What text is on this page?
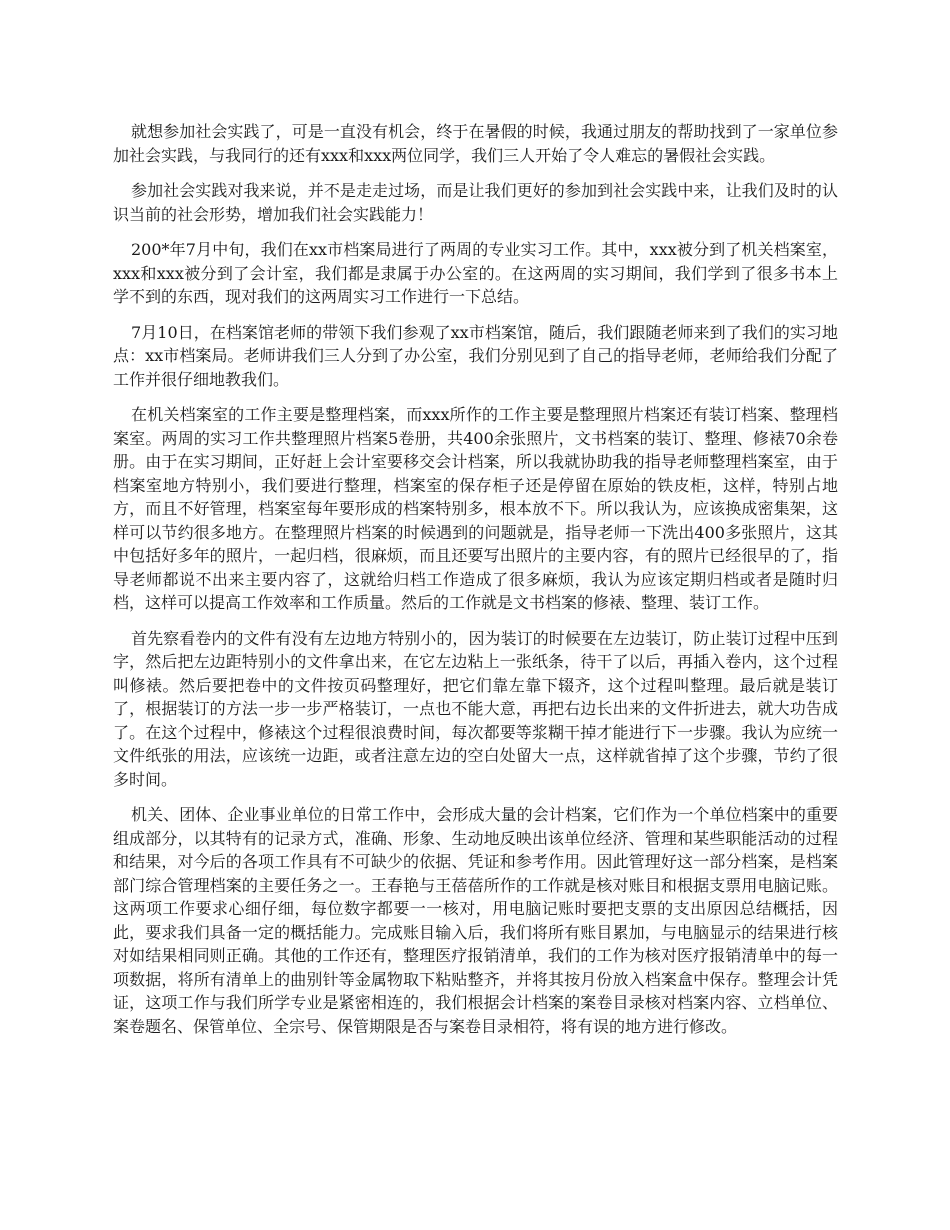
就想参加社会实践了，可是一直没有机会，终于在暑假的时候，我通过朋友的帮助找到了一家单位参加社会实践，与我同行的还有xxx和xxx两位同学，我们三人开始了令人难忘的暑假社会实践。

参加社会实践对我来说，并不是走走过场，而是让我们更好的参加到社会实践中来，让我们及时的认识当前的社会形势，增加我们社会实践能力！

200*年7月中旬，我们在xx市档案局进行了两周的专业实习工作。其中，xxx被分到了机关档案室，xxx和xxx被分到了会计室，我们都是隶属于办公室的。在这两周的实习期间，我们学到了很多书本上学不到的东西，现对我们的这两周实习工作进行一下总结。

7月10日，在档案馆老师的带领下我们参观了xx市档案馆，随后，我们跟随老师来到了我们的实习地点：xx市档案局。老师讲我们三人分到了办公室，我们分别见到了自己的指导老师，老师给我们分配了工作并很仔细地教我们。

在机关档案室的工作主要是整理档案，而xxx所作的工作主要是整理照片档案还有装订档案、整理档案室。两周的实习工作共整理照片档案5卷册，共400余张照片，文书档案的装订、整理、修裱70余卷册。由于在实习期间，正好赶上会计室要移交会计档案，所以我就协助我的指导老师整理档案室，由于档案室地方特别小，我们要进行整理，档案室的保存柜子还是停留在原始的铁皮柜，这样，特别占地方，而且不好管理，档案室每年要形成的档案特别多，根本放不下。所以我认为，应该换成密集架，这样可以节约很多地方。在整理照片档案的时候遇到的问题就是，指导老师一下洗出400多张照片，这其中包括好多年的照片，一起归档，很麻烦，而且还要写出照片的主要内容，有的照片已经很早的了，指导老师都说不出来主要内容了，这就给归档工作造成了很多麻烦，我认为应该定期归档或者是随时归档，这样可以提高工作效率和工作质量。然后的工作就是文书档案的修裱、整理、装订工作。

首先察看卷内的文件有没有左边地方特别小的，因为装订的时候要在左边装订，防止装订过程中压到字，然后把左边距特别小的文件拿出来，在它左边粘上一张纸条，待干了以后，再插入卷内，这个过程叫修裱。然后要把卷中的文件按页码整理好，把它们靠左靠下辍齐，这个过程叫整理。最后就是装订了，根据装订的方法一步一步严格装订，一点也不能大意，再把右边长出来的文件折进去，就大功告成了。在这个过程中，修裱这个过程很浪费时间，每次都要等浆糊干掉才能进行下一步骤。我认为应统一文件纸张的用法，应该统一边距，或者注意左边的空白处留大一点，这样就省掉了这个步骤，节约了很多时间。

机关、团体、企业事业单位的日常工作中，会形成大量的会计档案，它们作为一个单位档案中的重要组成部分，以其特有的记录方式，准确、形象、生动地反映出该单位经济、管理和某些职能活动的过程和结果，对今后的各项工作具有不可缺少的依据、凭证和参考作用。因此管理好这一部分档案，是档案部门综合管理档案的主要任务之一。王春艳与王蓓蓓所作的工作就是核对账目和根据支票用电脑记账。这两项工作要求心细仔细，每位数字都要一一核对，用电脑记账时要把支票的支出原因总结概括，因此，要求我们具备一定的概括能力。完成账目输入后，我们将所有账目累加，与电脑显示的结果进行核对如结果相同则正确。其他的工作还有，整理医疗报销清单，我们的工作为核对医疗报销清单中的每一项数据，将所有清单上的曲别针等金属物取下粘贴整齐，并将其按月份放入档案盒中保存。整理会计凭证，这项工作与我们所学专业是紧密相连的，我们根据会计档案的案卷目录核对档案内容、立档单位、案卷题名、保管单位、全宗号、保管期限是否与案卷目录相符，将有误的地方进行修改。
